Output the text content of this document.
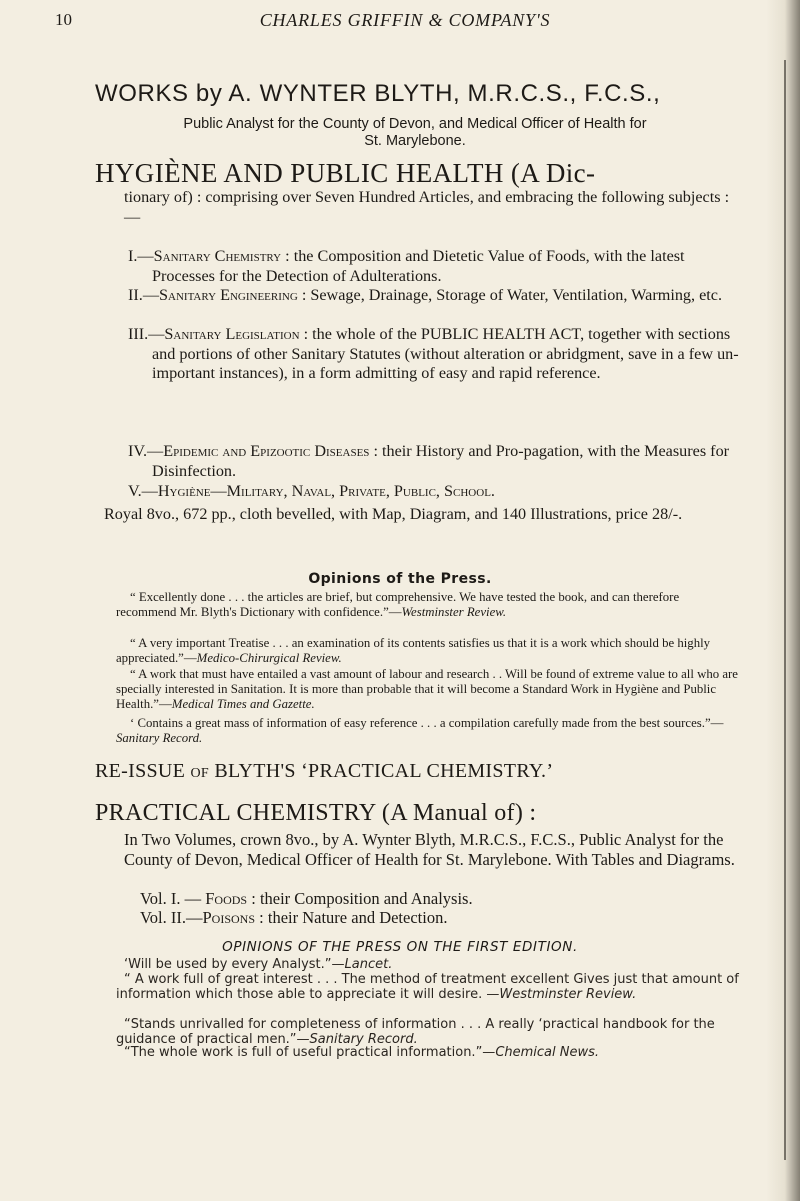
10	CHARLES GRIFFIN & COMPANY'S
WORKS by A. WYNTER BLYTH, M.R.C.S., F.C.S.,
Public Analyst for the County of Devon, and Medical Officer of Health for
St. Marylebone.
HYGIÈNE AND PUBLIC HEALTH (A Dic-
tionary of) : comprising over Seven Hundred Articles, and embracing the following subjects :—
I.—Sanitary Chemistry : the Composition and Dietetic Value of Foods, with the latest Processes for the Detection of Adulterations.
II.—Sanitary Engineering : Sewage, Drainage, Storage of Water, Ventilation, Warming, etc.
III.—Sanitary Legislation : the whole of the PUBLIC HEALTH ACT, together with sections and portions of other Sanitary Statutes (without alteration or abridgment, save in a few un-important instances), in a form admitting of easy and rapid reference.
IV.—Epidemic and Epizootic Diseases : their History and Pro-pagation, with the Measures for Disinfection.
V.—Hygiène—Military, Naval, Private, Public, School.
Royal 8vo., 672 pp., cloth bevelled, with Map, Diagram, and 140 Illustrations, price 28/-.
Opinions of the Press.
“ Excellently done . . . the articles are brief, but comprehensive. We have tested the book, and can therefore recommend Mr. Blyth's Dictionary with confidence.”—Westminster Review.
“ A very important Treatise . . . an examination of its contents satisfies us that it is a work which should be highly appreciated.”—Medico-Chirurgical Review.
“ A work that must have entailed a vast amount of labour and research . . Will be found of extreme value to all who are specially interested in Sanitation. It is more than probable that it will become a Standard Work in Hygiène and Public Health.”—Medical Times and Gazette.
‘ Contains a great mass of information of easy reference . . . a compilation carefully made from the best sources.”—Sanitary Record.
RE-ISSUE OF BLYTH'S ‘PRACTICAL CHEMISTRY.’
PRACTICAL CHEMISTRY (A Manual of) :
In Two Volumes, crown 8vo., by A. Wynter Blyth, M.R.C.S., F.C.S., Public Analyst for the County of Devon, Medical Officer of Health for St. Marylebone. With Tables and Diagrams.
Vol. I. — Foods : their Composition and Analysis.
Vol. II.—Poisons : their Nature and Detection.
OPINIONS OF THE PRESS ON THE FIRST EDITION.
‘Will be used by every Analyst.”—Lancet.
“ A work full of great interest . . . The method of treatment excellent Gives just that amount of information which those able to appreciate it will desire. —Westminster Review.
“Stands unrivalled for completeness of information . . . A really ‘practical handbook for the guidance of practical men.”—Sanitary Record.
“The whole work is full of useful practical information.”—Chemical News.
